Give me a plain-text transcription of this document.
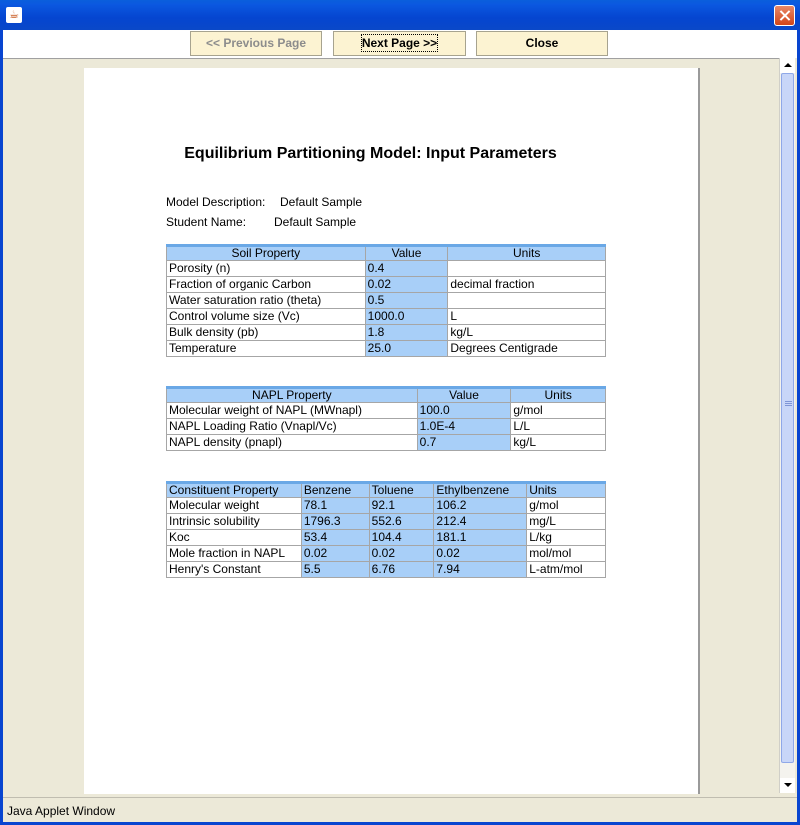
☕
<< Previous Page	Next Page >>	Close
Equilibrium Partitioning Model: Input Parameters
Model Description: Default Sample
Student Name: Default Sample
Soil Property	Value	Units
Porosity (n)	0.4	
Fraction of organic Carbon	0.02	decimal fraction
Water saturation ratio (theta)	0.5	
Control volume size (Vc)	1000.0	L
Bulk density (pb)	1.8	kg/L
Temperature	25.0	Degrees Centigrade
NAPL Property	Value	Units
Molecular weight of NAPL (MWnapl)	100.0	g/mol
NAPL Loading Ratio (Vnapl/Vc)	1.0E-4	L/L
NAPL density (pnapl)	0.7	kg/L
Constituent Property	Benzene	Toluene	Ethylbenzene	Units
Molecular weight	78.1	92.1	106.2	g/mol
Intrinsic solubility	1796.3	552.6	212.4	mg/L
Koc	53.4	104.4	181.1	L/kg
Mole fraction in NAPL	0.02	0.02	0.02	mol/mol
Henry's Constant	5.5	6.76	7.94	L-atm/mol
Java Applet Window
